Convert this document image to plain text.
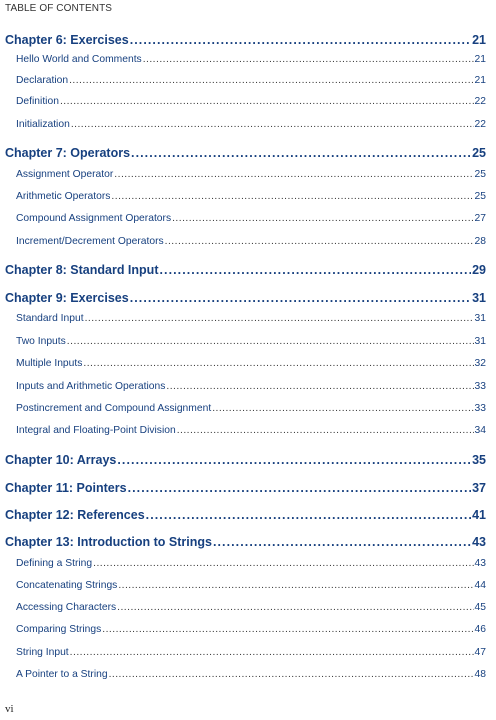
TABLE OF CONTENTS
Chapter 6: Exercises . . .	21
Hello World and Comments . . .	21
Declaration . . .	21
Definition . . .	22
Initialization . . .	22
Chapter 7: Operators . . .	25
Assignment Operator . . .	25
Arithmetic Operators . . .	25
Compound Assignment Operators . . .	27
Increment/Decrement Operators . . .	28
Chapter 8: Standard Input . . .	29
Chapter 9: Exercises . . .	31
Standard Input . . .	31
Two Inputs . . .	31
Multiple Inputs . . .	32
Inputs and Arithmetic Operations . . .	33
Postincrement and Compound Assignment . . .	33
Integral and Floating-Point Division . . .	34
Chapter 10: Arrays . . .	35
Chapter 11: Pointers . . .	37
Chapter 12: References . . .	41
Chapter 13: Introduction to Strings . . .	43
Defining a String . . .	43
Concatenating Strings . . .	44
Accessing Characters . . .	45
Comparing Strings . . .	46
String Input . . .	47
A Pointer to a String . . .	48
vi
